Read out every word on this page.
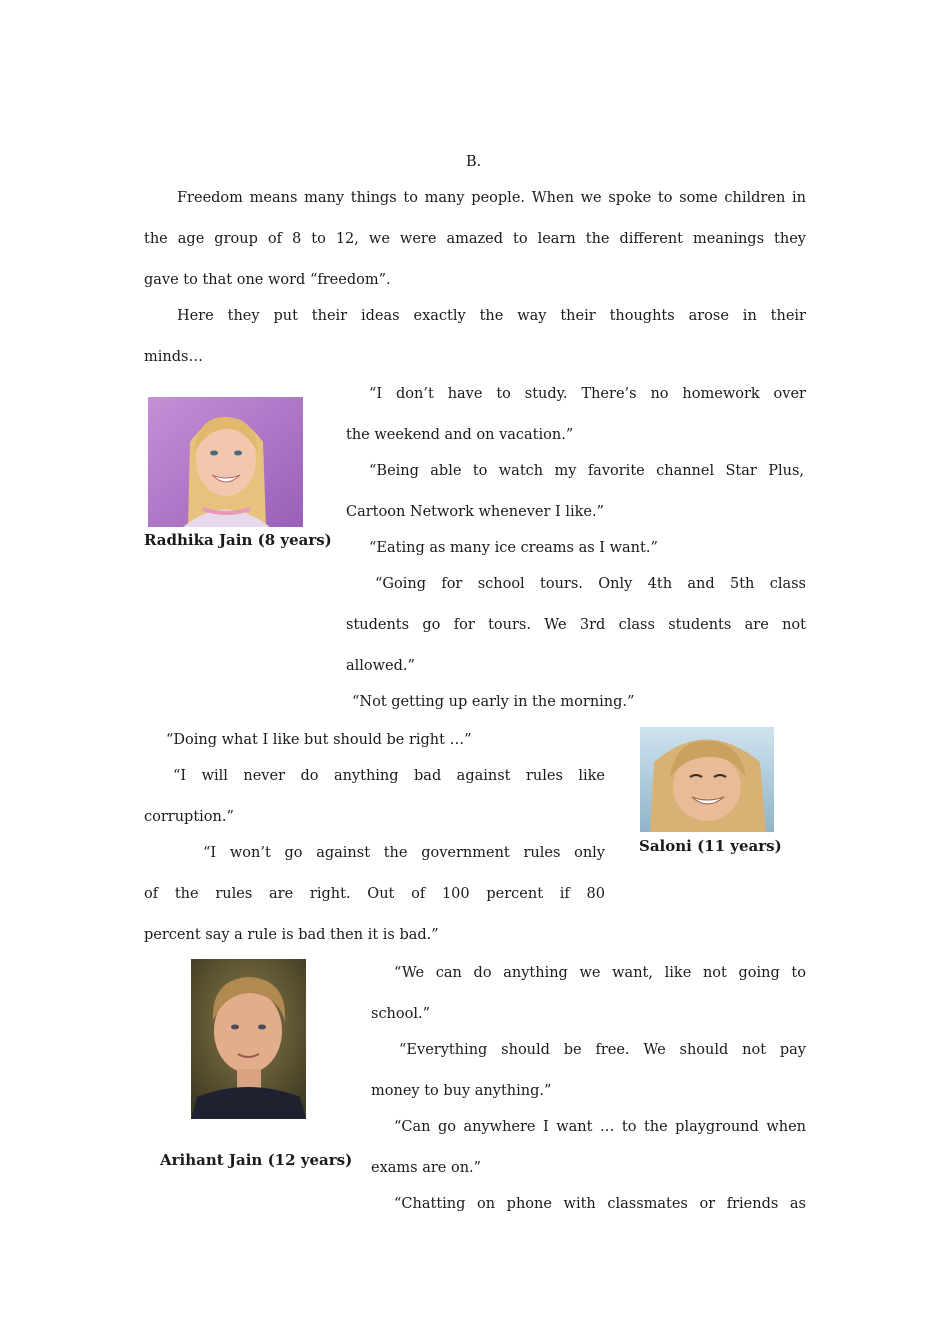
B.
Freedom means many things to many people. When we spoke to some children in
the age group of 8 to 12, we were amazed to learn the different meanings they
gave to that one word “freedom”.
Here they put their ideas exactly the way their thoughts arose in their
minds…
Radhika Jain (8 years)
“I don’t have to study. There’s no homework over
the weekend and on vacation.”
“Being able to watch my favorite channel Star Plus,
Cartoon Network whenever I like.”
“Eating as many ice creams as I want.”
“Going for school tours. Only 4th and 5th class
students go for tours. We 3rd class students are not
allowed.”
“Not getting up early in the morning.”
“Doing what I like but should be right …”
“I will never do anything bad against rules like
corruption.”
“I won’t go against the government rules only
of the rules are right. Out of 100 percent if 80
percent say a rule is bad then it is bad.”
Saloni (11 years)
Arihant Jain (12 years)
“We can do anything we want, like not going to
school.”
“Everything should be free. We should not pay
money to buy anything.”
“Can go anywhere I want … to the playground when
exams are on.”
“Chatting on phone with classmates or friends as
